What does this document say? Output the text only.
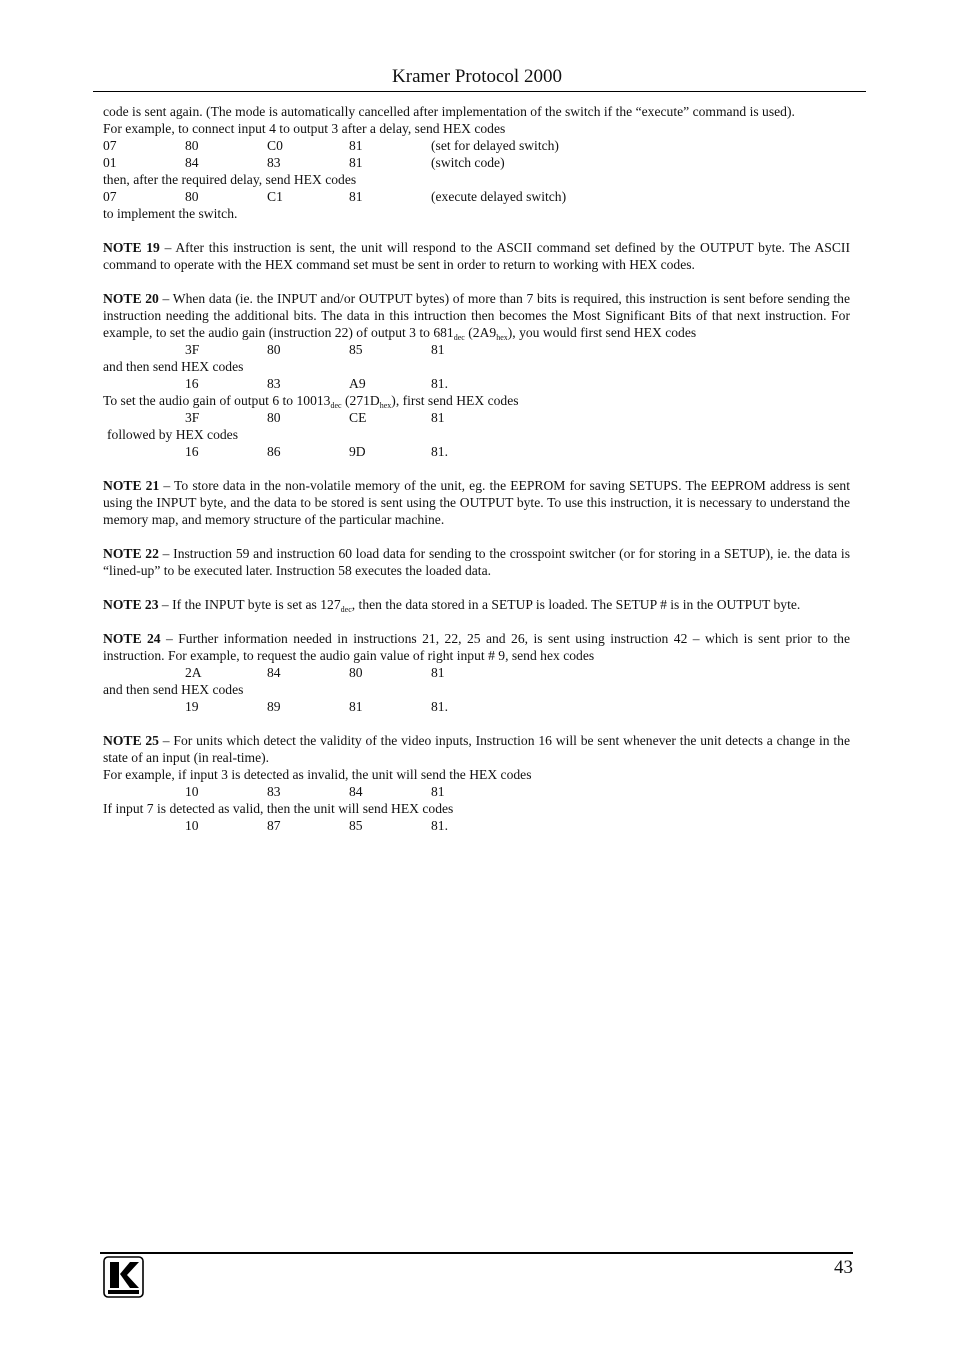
Kramer Protocol 2000

code is sent again. (The mode is automatically cancelled after implementation of the switch if the “execute” command is used).

For example, to connect input 4 to output 3 after a delay, send HEX codes

07	80	C0	81	(set for delayed switch)
01	84	83	81	(switch code)

then, after the required delay, send HEX codes

07	80	C1	81	(execute delayed switch)

to implement the switch.

NOTE 19 – After this instruction is sent, the unit will respond to the ASCII command set defined by the OUTPUT byte. The ASCII command to operate with the HEX command set must be sent in order to return to working with HEX codes.

NOTE 20 – When data (ie. the INPUT and/or OUTPUT bytes) of more than 7 bits is required, this instruction is sent before sending the instruction needing the additional bits. The data in this intruction then becomes the Most Significant Bits of that next instruction. For example, to set the audio gain (instruction 22) of output 3 to $681_{dec}$ $(2A9_{hex})$, you would first send HEX codes

3F	80	85	81

and then send HEX codes

16	83	A9	81.

To set the audio gain of output 6 to $10013_{dec}$ $(271D_{hex})$, first send HEX codes

3F	80	CE	81

followed by HEX codes

16	86	9D	81.

NOTE 21 – To store data in the non-volatile memory of the unit, eg. the EEPROM for saving SETUPS. The EEPROM address is sent using the INPUT byte, and the data to be stored is sent using the OUTPUT byte. To use this instruction, it is necessary to understand the memory map, and memory structure of the particular machine.

NOTE 22 – Instruction 59 and instruction 60 load data for sending to the crosspoint switcher (or for storing in a SETUP), ie. the data is “lined-up” to be executed later. Instruction 58 executes the loaded data.

NOTE 23 – If the INPUT byte is set as $127_{dec}$, then the data stored in a SETUP is loaded. The SETUP # is in the OUTPUT byte.

NOTE 24 – Further information needed in instructions 21, 22, 25 and 26, is sent using instruction 42 – which is sent prior to the instruction. For example, to request the audio gain value of right input # 9, send hex codes

2A	84	80	81

and then send HEX codes

19	89	81	81.

NOTE 25 – For units which detect the validity of the video inputs, Instruction 16 will be sent whenever the unit detects a change in the state of an input (in real-time).

For example, if input 3 is detected as invalid, the unit will send the HEX codes

10	83	84	81

If input 7 is detected as valid, then the unit will send HEX codes

10	87	85	81.
43
